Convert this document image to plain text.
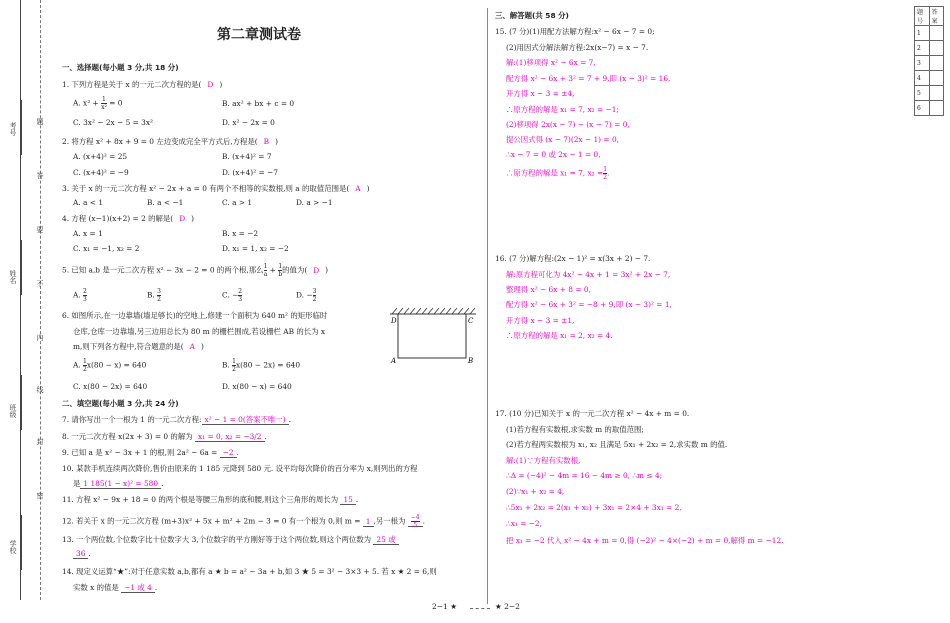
考号
姓名
班级
学校
题
答
要
不
内
线
封
密
第二章测试卷
一、选择题(每小题 3 分,共 18 分)
1. 下列方程是关于 x 的一元二次方程的是( D )
A. $x^2 + \frac{1}{\text{x²}} = 0$	B. ax² + bx + c = 0
C. 3x² − 2x − 5 = 3x²	D. x² − 2x = 0
2. 将方程 x² + 8x + 9 = 0 左边变成完全平方式后,方程是( B )
A. (x+4)² = 25	B. (x+4)² = 7
C. (x+4)² = −9	D. (x+4)² = −7
3. 关于 x 的一元二次方程 x² − 2x + a = 0 有两个不相等的实数根,则 a 的取值范围是( A )
A. a < 1	B. a < −1	C. a > 1	D. a > −1
4. 方程 (x−1)(x+2) = 2 的解是( D )
A. x = 1	B. x = −2
C. x₁ = −1, x₂ = 2	D. x₁ = 1, x₂ = −2
5. 已知 a,b 是一元二次方程 x² − 3x − 2 = 0 的两个根,那么 $\frac{1}{a} + \frac{1}{b}$ 的值为( D )
A. $\frac{2}{3}$	B. $\frac{3}{2}$	C. − $\frac{2}{3}$	D. − $\frac{3}{2}$
6. 如图所示,在一边靠墙(墙足够长)的空地上,修建一个面积为 640 m² 的矩形临时
仓库,仓库一边靠墙,另三边用总长为 80 m 的栅栏围成,若设栅栏 AB 的长为 x
m,则下列各方程中,符合题意的是( A )
A. $\frac{1}{2} x(80 - x) = 640$	B. $\frac{1}{2} x(80 - 2x) = 640$
C. x(80 − 2x) = 640	D. x(80 − x) = 640
D	C
A	B
二、填空题(每小题 3 分,共 24 分)
7. 请你写出一个一根为 1 的一元二次方程: x² − 1 = 0(答案不唯一) .
8. 一元二次方程 x(2x + 3) = 0 的解为 x₁ = 0, x₂ = −3/2 .
9. 已知 a 是 x² − 3x + 1 的根,则 2a² − 6a = −2 .
10. 某款手机连续两次降价,售价由原来的 1 185 元降到 580 元. 设平均每次降价的百分率为 x,则列出的方程
是 1 185(1 − x)² = 580 .
11. 方程 x² − 9x + 18 = 0 的两个根是等腰三角形的底和腰,则这个三角形的周长为 15 .
12. 若关于 x 的一元二次方程 (m+3)x² + 5x + m² + 2m − 3 = 0 有一个根为 0,则 m = 1 ,另一根为 $\frac{-4}{5}$ .
13. 一个两位数,个位数字比十位数字大 3,个位数字的平方刚好等于这个两位数,则这个两位数为 25 或
36 .
14. 现定义运算“★”:对于任意实数 a,b,都有 a ★ b = a² − 3a + b,如 3 ★ 5 = 3² − 3×3 + 5. 若 x ★ 2 = 6,则
实数 x 的值是 −1 或 4 .
三、解答题(共 58 分)
15. (7 分)(1)用配方法解方程:x² − 6x − 7 = 0;
(2)用因式分解法解方程:2x(x−7) = x − 7.
解:(1)移项得 x² − 6x = 7,
配方得 x² − 6x + 3² = 7 + 9,即 (x − 3)² = 16,
开方得 x − 3 = ±4,
∴原方程的解是 x₁ = 7, x₂ = −1;
(2)移项得 2x(x − 7) − (x − 7) = 0,
提公因式得 (x − 7)(2x − 1) = 0,
∴x − 7 = 0 或 2x − 1 = 0,
∴原方程的解是 x₁ = 7, $x_2 = \frac{1}{2}$ .
16. (7 分)解方程:(2x − 1)² = x(3x + 2) − 7.
解:原方程可化为 4x² − 4x + 1 = 3x² + 2x − 7,
整理得 x² − 6x + 8 = 0,
配方得 x² − 6x + 3² = −8 + 9,即 (x − 3)² = 1,
开方得 x − 3 = ±1,
∴原方程的解是 x₁ = 2, x₂ = 4.
17. (10 分)已知关于 x 的一元二次方程 x² − 4x + m = 0.
(1)若方程有实数根,求实数 m 的取值范围;
(2)若方程两实数根为 x₁, x₂ 且满足 5x₁ + 2x₂ = 2,求实数 m 的值.
解:(1)∵方程有实数根,
∴Δ = (−4)² − 4m = 16 − 4m ≥ 0, ∴m ≤ 4;
(2)∵x₁ + x₂ = 4,
∴5x₁ + 2x₂ = 2(x₁ + x₂) + 3x₁ = 2×4 + 3x₁ = 2,
∴x₁ = −2,
把 x₁ = −2 代入 x² − 4x + m = 0,得 (−2)² − 4×(−2) + m = 0,解得 m = −12.
题号	答案
1	
2	
3	
4	
5	
6	
2−1 ★	★ 2−2
